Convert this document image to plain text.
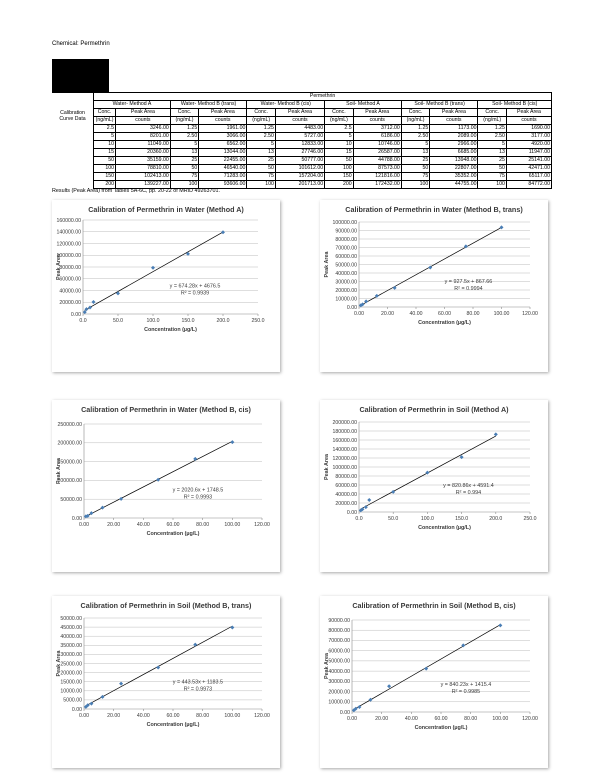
Chemical: Permethrin
	Permethrin											
	Water- Method A		Water- Method B (trans)		Water- Method B (cis)		Soil- Method A		Soil- Method B (trans)		Soil- Method B (cis)	
Calibration Curve Data	Conc.	Peak Area	Conc.	Peak Area	Conc.	Peak Area	Conc.	Peak Area	Conc.	Peak Area	Conc.	Peak Area
	(ng/mL)	counts	(ng/mL)	counts	(ng/mL)	counts	(ng/mL)	counts	(ng/mL)	counts	(ng/mL)	counts
	2.5	3246.00	1.25	1961.00	1.25	4483.00	2.5	3712.00	1.25	1173.00	1.25	1690.00
	5	8201.00	2.50	3066.00	2.50	5727.00	5	6186.00	2.50	2089.00	2.50	3177.00
	10	11049.00	5	6562.00	5	12833.00	10	10746.00	5	2966.00	5	4920.00
	15	20360.00	13	13044.00	13	27746.00	15	26587.00	13	6685.00	13	11947.00
	50	35159.00	25	22455.00	25	50777.00	50	44788.00	25	13948.00	25	25141.00
	100	78810.00	50	46540.00	50	101612.00	100	87573.00	50	22807.00	50	42471.00
	150	102413.00	75	71283.00	75	157204.00	150	121816.00	75	35352.00	75	65117.00
	200	139227.00	100	93606.00	100	201713.00	200	172432.00	100	44755.00	100	84772.00
Results (Peak Area) from Tables 5A-6C, pp. 20-22 of MRID 49263701.
Calibration of Permethrin in Water (Method A)
0.00
20000.00
40000.00
60000.00
80000.00
100000.00
120000.00
140000.00
160000.00
0.0	50.0	100.0	150.0	200.0	250.0
Concentration (µg/L)
Peak Area
y = 674.28x + 4676.5
R² = 0.9939
Calibration of Permethrin in Water (Method B, trans)
0.00
10000.00
20000.00
30000.00
40000.00
50000.00
60000.00
70000.00
80000.00
90000.00
100000.00
0.00	20.00	40.00	60.00	80.00	100.00 120.00
Concentration (µg/L)
Peak Area
y = 927.5x + 867.66
R² = 0.9994
Calibration of Permethrin in Water (Method B, cis)
0.00
50000.00
100000.00
150000.00
200000.00
250000.00
0.00	20.00	40.00	60.00	80.00	100.00	120.00
Concentration (µg/L)
Peak Area
y = 2020.6x + 1748.5
R² = 0.9993
Calibration of Permethrin in Soil (Method A)
0.00
20000.00
40000.00
60000.00
80000.00
100000.00
120000.00
140000.00
160000.00
180000.00
200000.00
0.0	50.0	100.0	150.0	200.0	250.0
Concentration (µg/L)
Peak Area
y = 820.86x + 4591.4
R² = 0.994
Calibration of Permethrin in Soil (Method B, trans)
0.00
5000.00
10000.00
15000.00
20000.00
25000.00
30000.00
35000.00
40000.00
45000.00
50000.00
0.00	20.00	40.00	60.00	80.00	100.00	120.00
Concentration (µg/L)
Peak Area
y = 443.53x + 1183.5
R² = 0.9973
Calibration of Permethrin in Soil (Method B, cis)
0.00
10000.00
20000.00
30000.00
40000.00
50000.00
60000.00
70000.00
80000.00
90000.00
0.00	20.00	40.00	60.00	80.00	100.00	120.00
Concentration (µg/L)
Peak Area
y = 840.23x + 1415.4
R² = 0.9985
